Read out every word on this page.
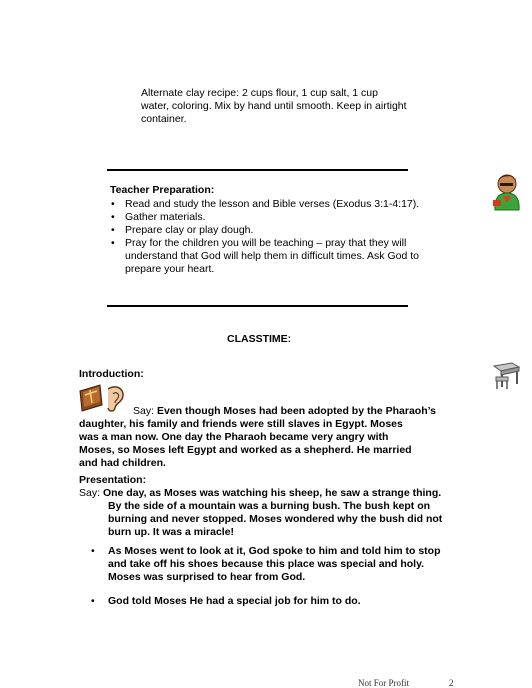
Alternate clay recipe: 2 cups flour, 1 cup salt, 1 cup
water, coloring. Mix by hand until smooth. Keep in airtight
container.
Teacher Preparation:
• Read and study the lesson and Bible verses (Exodus 3:1-4:17).
• Gather materials.
• Prepare clay or play dough.
• Pray for the children you will be teaching – pray that they will
understand that God will help them in difficult times. Ask God to
prepare your heart.
CLASSTIME:
Introduction:
Say: Even though Moses had been adopted by the Pharaoh’s
daughter, his family and friends were still slaves in Egypt. Moses
was a man now. One day the Pharaoh became very angry with
Moses, so Moses left Egypt and worked as a shepherd. He married
and had children.
Presentation:
Say: One day, as Moses was watching his sheep, he saw a strange thing.
By the side of a mountain was a burning bush. The bush kept on
burning and never stopped. Moses wondered why the bush did not
burn up. It was a miracle!
• As Moses went to look at it, God spoke to him and told him to stop
and take off his shoes because this place was special and holy.
Moses was surprised to hear from God.
• God told Moses He had a special job for him to do.
Not For Profit	2
